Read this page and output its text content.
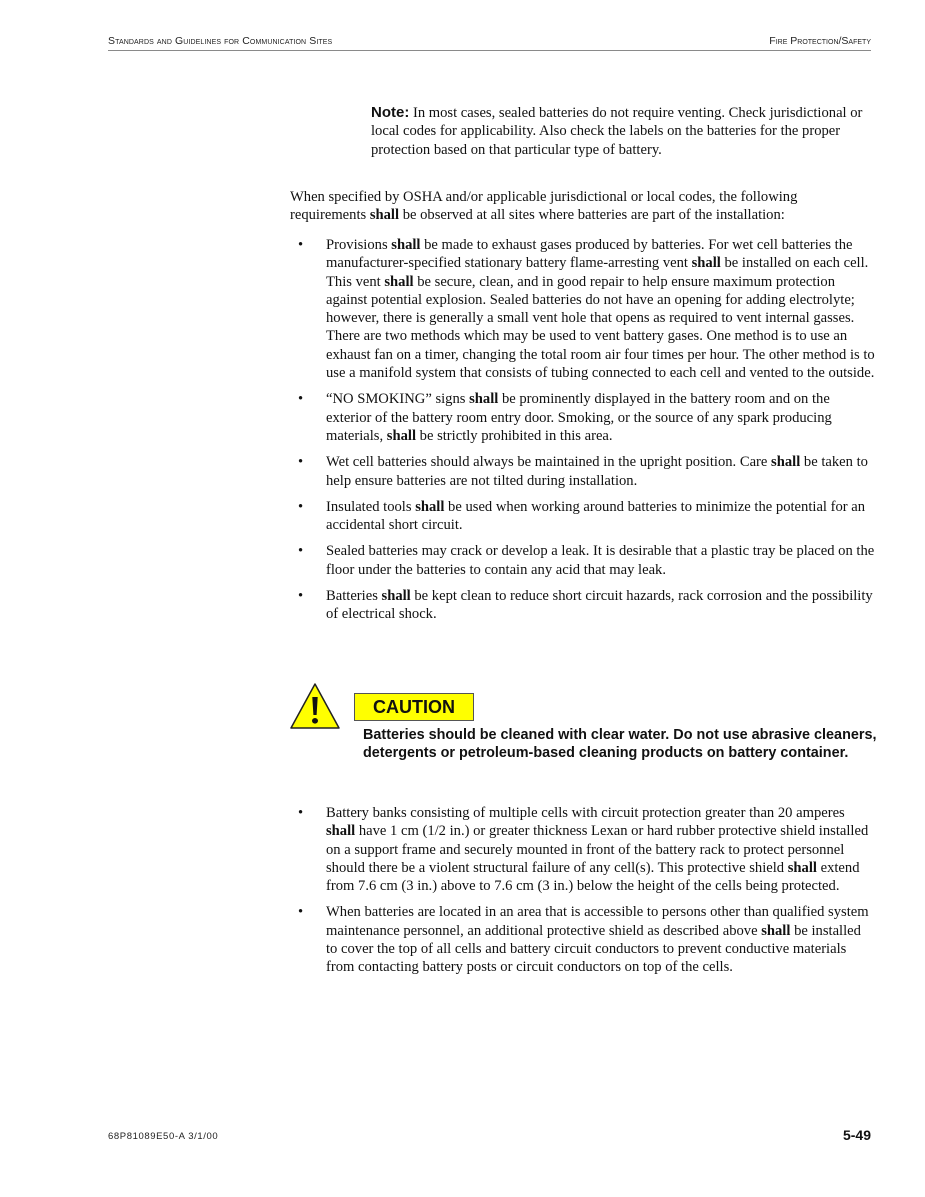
Standards and Guidelines for Communication Sites	Fire Protection/Safety
Note: In most cases, sealed batteries do not require venting. Check jurisdictional or local codes for applicability. Also check the labels on the batteries for the proper protection based on that particular type of battery.
When specified by OSHA and/or applicable jurisdictional or local codes, the following requirements shall be observed at all sites where batteries are part of the installation:
• Provisions shall be made to exhaust gases produced by batteries. For wet cell batteries the manufacturer-specified stationary battery flame-arresting vent shall be installed on each cell. This vent shall be secure, clean, and in good repair to help ensure maximum protection against potential explosion. Sealed batteries do not have an opening for adding electrolyte; however, there is generally a small vent hole that opens as required to vent internal gasses. There are two methods which may be used to vent battery gases. One method is to use an exhaust fan on a timer, changing the total room air four times per hour. The other method is to use a manifold system that consists of tubing connected to each cell and vented to the outside.
• “NO SMOKING” signs shall be prominently displayed in the battery room and on the exterior of the battery room entry door. Smoking, or the source of any spark producing materials, shall be strictly prohibited in this area.
• Wet cell batteries should always be maintained in the upright position. Care shall be taken to help ensure batteries are not tilted during installation.
• Insulated tools shall be used when working around batteries to minimize the potential for an accidental short circuit.
• Sealed batteries may crack or develop a leak. It is desirable that a plastic tray be placed on the floor under the batteries to contain any acid that may leak.
• Batteries shall be kept clean to reduce short circuit hazards, rack corrosion and the possibility of electrical shock.
CAUTION
Batteries should be cleaned with clear water. Do not use abrasive cleaners, detergents or petroleum-based cleaning products on battery container.
• Battery banks consisting of multiple cells with circuit protection greater than 20 amperes shall have 1 cm (1/2 in.) or greater thickness Lexan or hard rubber protective shield installed on a support frame and securely mounted in front of the battery rack to protect personnel should there be a violent structural failure of any cell(s). This protective shield shall extend from 7.6 cm (3 in.) above to 7.6 cm (3 in.) below the height of the cells being protected.
• When batteries are located in an area that is accessible to persons other than qualified system maintenance personnel, an additional protective shield as described above shall be installed to cover the top of all cells and battery circuit conductors to prevent conductive materials from contacting battery posts or circuit conductors on top of the cells.
68P81089E50-A 3/1/00	5-49
